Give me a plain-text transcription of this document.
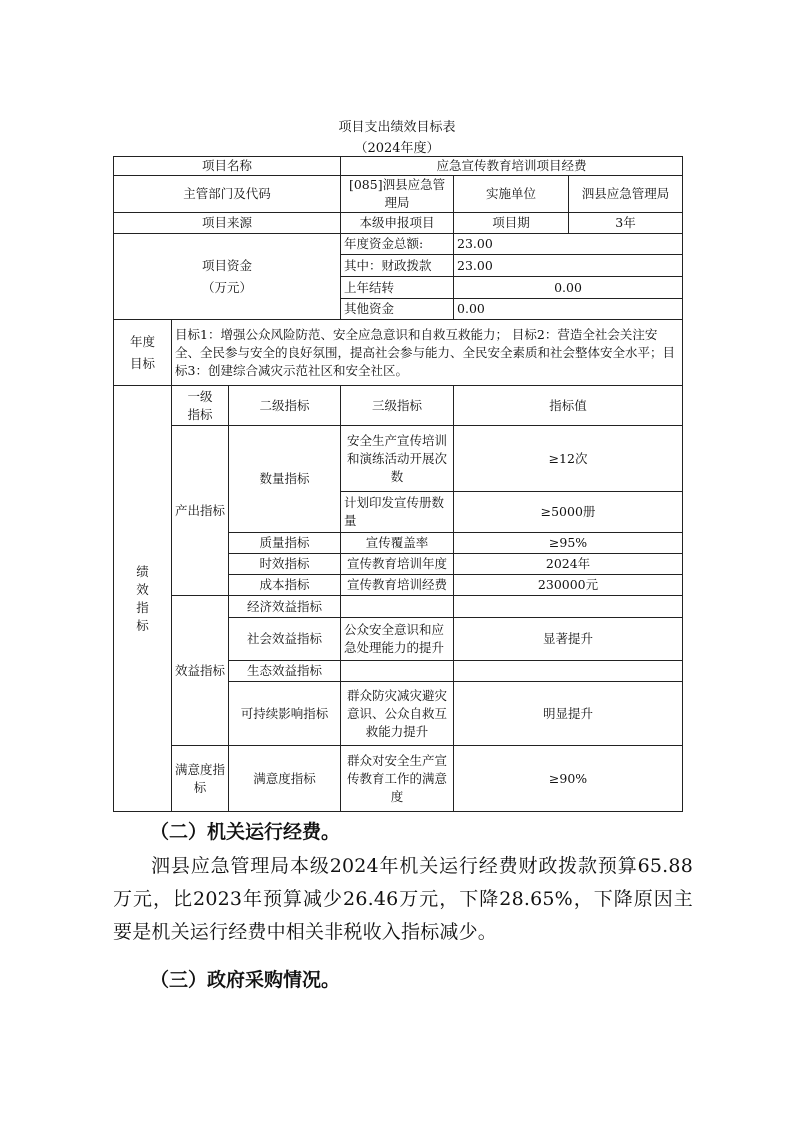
项目支出绩效目标表
（2024年度）
项目名称			应急宣传教育培训项目经费		
主管部门及代码			[085]泗县应急管理局	实施单位	泗县应急管理局
项目来源			本级申报项目	项目期	3年

项目资金
（万元）			年度资金总额:	23.00	
			其中：财政拨款	23.00	
			上年结转	0.00	
			其他资金	0.00	

年度
目标	目标1：增强公众风险防范、安全应急意识和自救互救能力； 目标2：营造全社会关注安全、全民参与安全的良好氛围，提高社会参与能力、全民安全素质和社会整体安全水平；目标3：创建综合减灾示范社区和安全社区。				

绩
效
指
标	一级指标	二级指标	三级指标	指标值	
	产出指标	数量指标	安全生产宣传培训和演练活动开展次数	≥12次	
			计划印发宣传册数量	≥5000册	
		质量指标	宣传覆盖率	≥95%	
		时效指标	宣传教育培训年度	2024年	
		成本指标	宣传教育培训经费	230000元	
	效益指标	经济效益指标			
		社会效益指标	公众安全意识和应急处理能力的提升	显著提升	
		生态效益指标			
		可持续影响指标	群众防灾减灾避灾意识、公众自救互救能力提升	明显提升	
	满意度指标	满意度指标	群众对安全生产宣传教育工作的满意度	≥90%	
（二）机关运行经费。
泗县应急管理局本级2024年机关运行经费财政拨款预算65.88万元，比2023年预算减少26.46万元，下降28.65%，下降原因主要是机关运行经费中相关非税收入指标减少。
（三）政府采购情况。
